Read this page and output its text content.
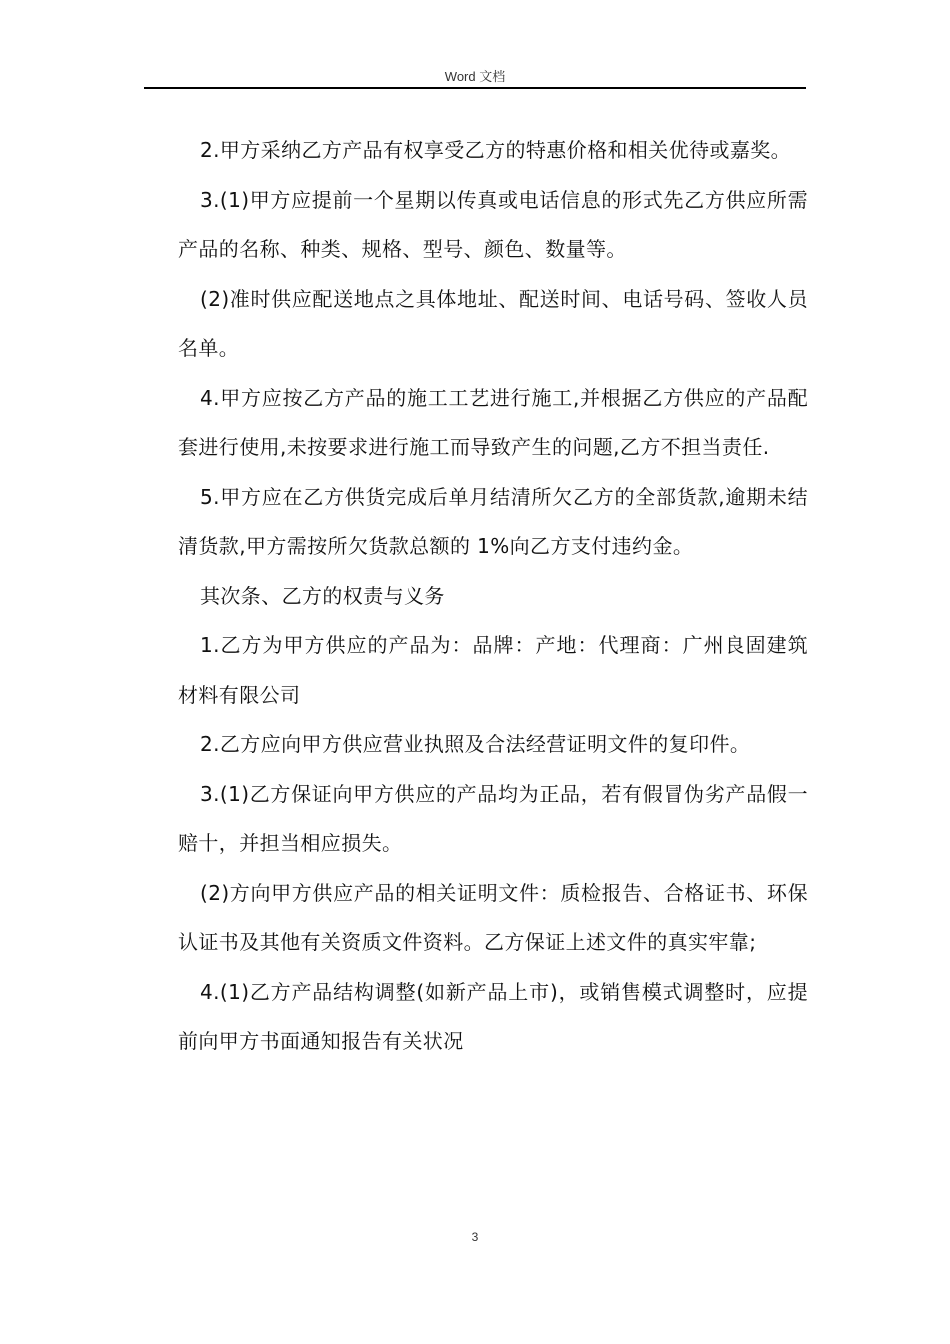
Word 文档

2.甲方采纳乙方产品有权享受乙方的特惠价格和相关优待或嘉奖。

3.(1)甲方应提前一个星期以传真或电话信息的形式先乙方供应所需产品的名称、种类、规格、型号、颜色、数量等。

(2)准时供应配送地点之具体地址、配送时间、电话号码、签收人员名单。

4.甲方应按乙方产品的施工工艺进行施工,并根据乙方供应的产品配套进行使用,未按要求进行施工而导致产生的问题,乙方不担当责任.

5.甲方应在乙方供货完成后单月结清所欠乙方的全部货款,逾期未结清货款,甲方需按所欠货款总额的 1%向乙方支付违约金。

其次条、乙方的权责与义务

1.乙方为甲方供应的产品为：品牌：产地：代理商：广州良固建筑材料有限公司

2.乙方应向甲方供应营业执照及合法经营证明文件的复印件。

3.(1)乙方保证向甲方供应的产品均为正品，若有假冒伪劣产品假一赔十，并担当相应损失。

(2)方向甲方供应产品的相关证明文件：质检报告、合格证书、环保认证书及其他有关资质文件资料。乙方保证上述文件的真实牢靠;

4.(1)乙方产品结构调整(如新产品上市)，或销售模式调整时，应提前向甲方书面通知报告有关状况

3
